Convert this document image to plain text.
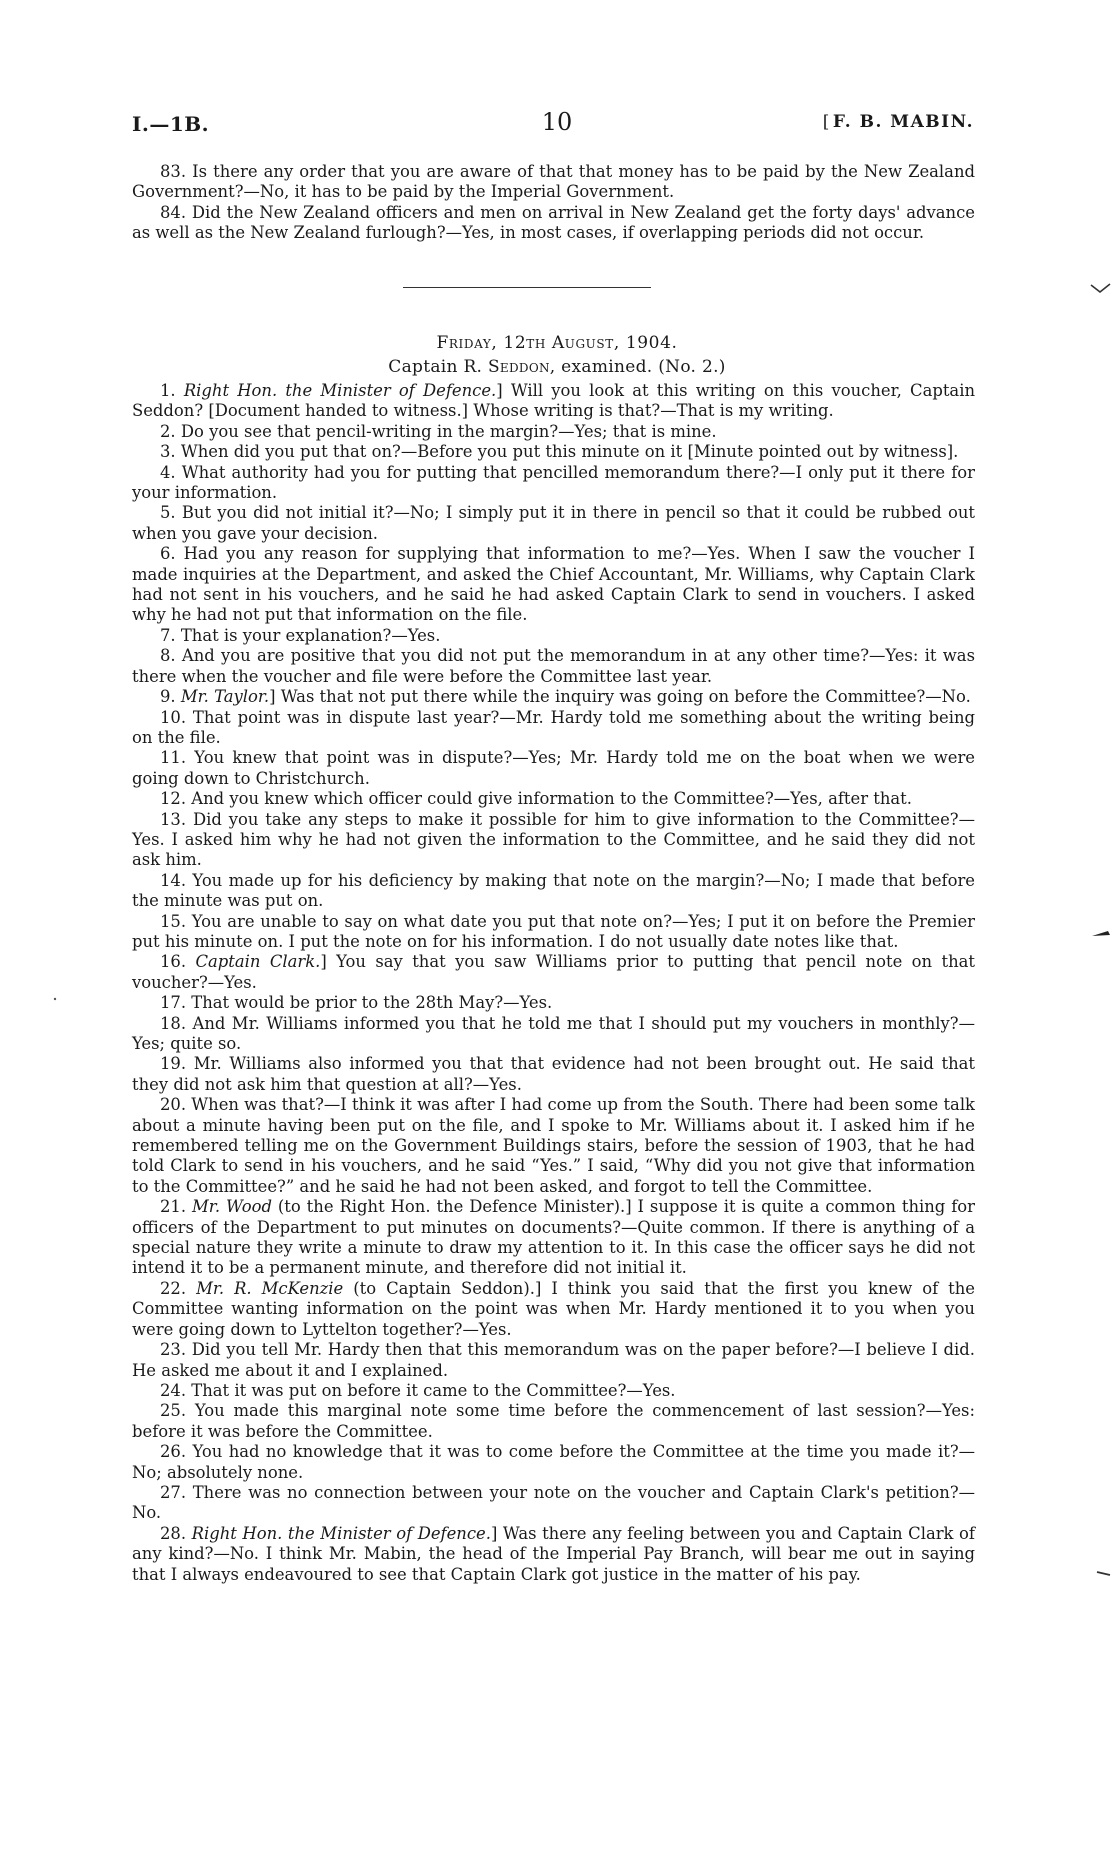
I.—1B.	10	[ F. B. MABIN.

83. Is there any order that you are aware of that that money has to be paid by the New Zealand Government?—No, it has to be paid by the Imperial Government.

84. Did the New Zealand officers and men on arrival in New Zealand get the forty days' advance as well as the New Zealand furlough?—Yes, in most cases, if overlapping periods did not occur.

Friday, 12th August, 1904.
Captain R. Seddon, examined. (No. 2.)

1. Right Hon. the Minister of Defence.] Will you look at this writing on this voucher, Captain Seddon? [Document handed to witness.] Whose writing is that?—That is my writing.

2. Do you see that pencil-writing in the margin?—Yes; that is mine.

3. When did you put that on?—Before you put this minute on it [Minute pointed out by witness].

4. What authority had you for putting that pencilled memorandum there?—I only put it there for your information.

5. But you did not initial it?—No; I simply put it in there in pencil so that it could be rubbed out when you gave your decision.

6. Had you any reason for supplying that information to me?—Yes. When I saw the voucher I made inquiries at the Department, and asked the Chief Accountant, Mr. Williams, why Captain Clark had not sent in his vouchers, and he said he had asked Captain Clark to send in vouchers. I asked why he had not put that information on the file.

7. That is your explanation?—Yes.

8. And you are positive that you did not put the memorandum in at any other time?—Yes: it was there when the voucher and file were before the Committee last year.

9. Mr. Taylor.] Was that not put there while the inquiry was going on before the Committee?—No.

10. That point was in dispute last year?—Mr. Hardy told me something about the writing being on the file.

11. You knew that point was in dispute?—Yes; Mr. Hardy told me on the boat when we were going down to Christchurch.

12. And you knew which officer could give information to the Committee?—Yes, after that.

13. Did you take any steps to make it possible for him to give information to the Committee?—Yes. I asked him why he had not given the information to the Committee, and he said they did not ask him.

14. You made up for his deficiency by making that note on the margin?—No; I made that before the minute was put on.

15. You are unable to say on what date you put that note on?—Yes; I put it on before the Premier put his minute on. I put the note on for his information. I do not usually date notes like that.

16. Captain Clark.] You say that you saw Williams prior to putting that pencil note on that voucher?—Yes.

17. That would be prior to the 28th May?—Yes.

18. And Mr. Williams informed you that he told me that I should put my vouchers in monthly?—Yes; quite so.

19. Mr. Williams also informed you that that evidence had not been brought out. He said that they did not ask him that question at all?—Yes.

20. When was that?—I think it was after I had come up from the South. There had been some talk about a minute having been put on the file, and I spoke to Mr. Williams about it. I asked him if he remembered telling me on the Government Buildings stairs, before the session of 1903, that he had told Clark to send in his vouchers, and he said “Yes.” I said, “Why did you not give that information to the Committee?” and he said he had not been asked, and forgot to tell the Committee.

21. Mr. Wood (to the Right Hon. the Defence Minister).] I suppose it is quite a common thing for officers of the Department to put minutes on documents?—Quite common. If there is anything of a special nature they write a minute to draw my attention to it. In this case the officer says he did not intend it to be a permanent minute, and therefore did not initial it.

22. Mr. R. McKenzie (to Captain Seddon).] I think you said that the first you knew of the Committee wanting information on the point was when Mr. Hardy mentioned it to you when you were going down to Lyttelton together?—Yes.

23. Did you tell Mr. Hardy then that this memorandum was on the paper before?—I believe I did. He asked me about it and I explained.

24. That it was put on before it came to the Committee?—Yes.

25. You made this marginal note some time before the commencement of last session?—Yes: before it was before the Committee.

26. You had no knowledge that it was to come before the Committee at the time you made it?—No; absolutely none.

27. There was no connection between your note on the voucher and Captain Clark's petition?—No.

28. Right Hon. the Minister of Defence.] Was there any feeling between you and Captain Clark of any kind?—No. I think Mr. Mabin, the head of the Imperial Pay Branch, will bear me out in saying that I always endeavoured to see that Captain Clark got justice in the matter of his pay.
